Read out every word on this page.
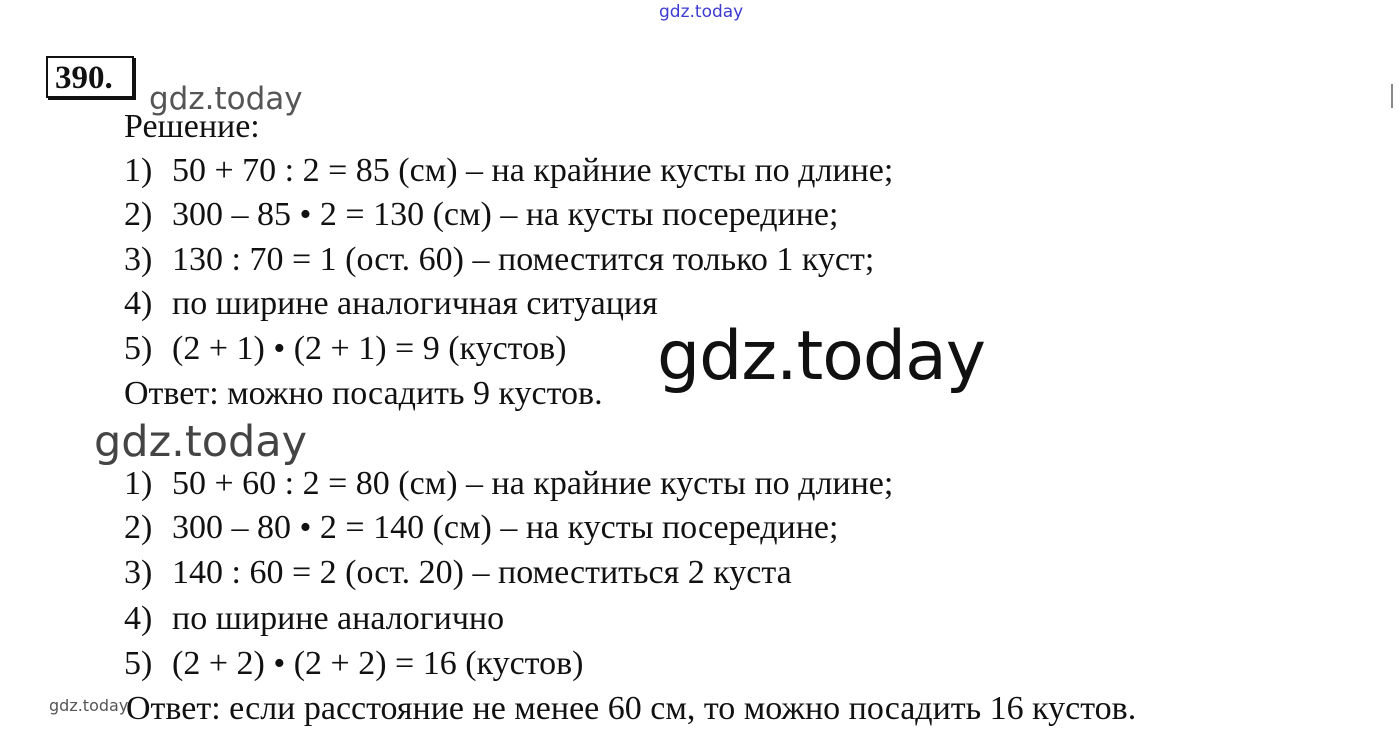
gdz.today
390.
gdz.today
Решение:
1) 50 + 70 : 2 = 85 (см) – на крайние кусты по длине;
2) 300 – 85 • 2 = 130 (см) – на кусты посередине;
3) 130 : 70 = 1 (ост. 60) – поместится только 1 куст;
4) по ширине аналогичная ситуация
5) (2 + 1) • (2 + 1) = 9 (кустов)
Ответ: можно посадить 9 кустов. gdz.today
gdz.today
1) 50 + 60 : 2 = 80 (см) – на крайние кусты по длине;
2) 300 – 80 • 2 = 140 (см) – на кусты посередине;
3) 140 : 60 = 2 (ост. 20) – поместиться 2 куста
4) по ширине аналогично
5) (2 + 2) • (2 + 2) = 16 (кустов)
gdz.today
Ответ: если расстояние не менее 60 см, то можно посадить 16 кустов.
